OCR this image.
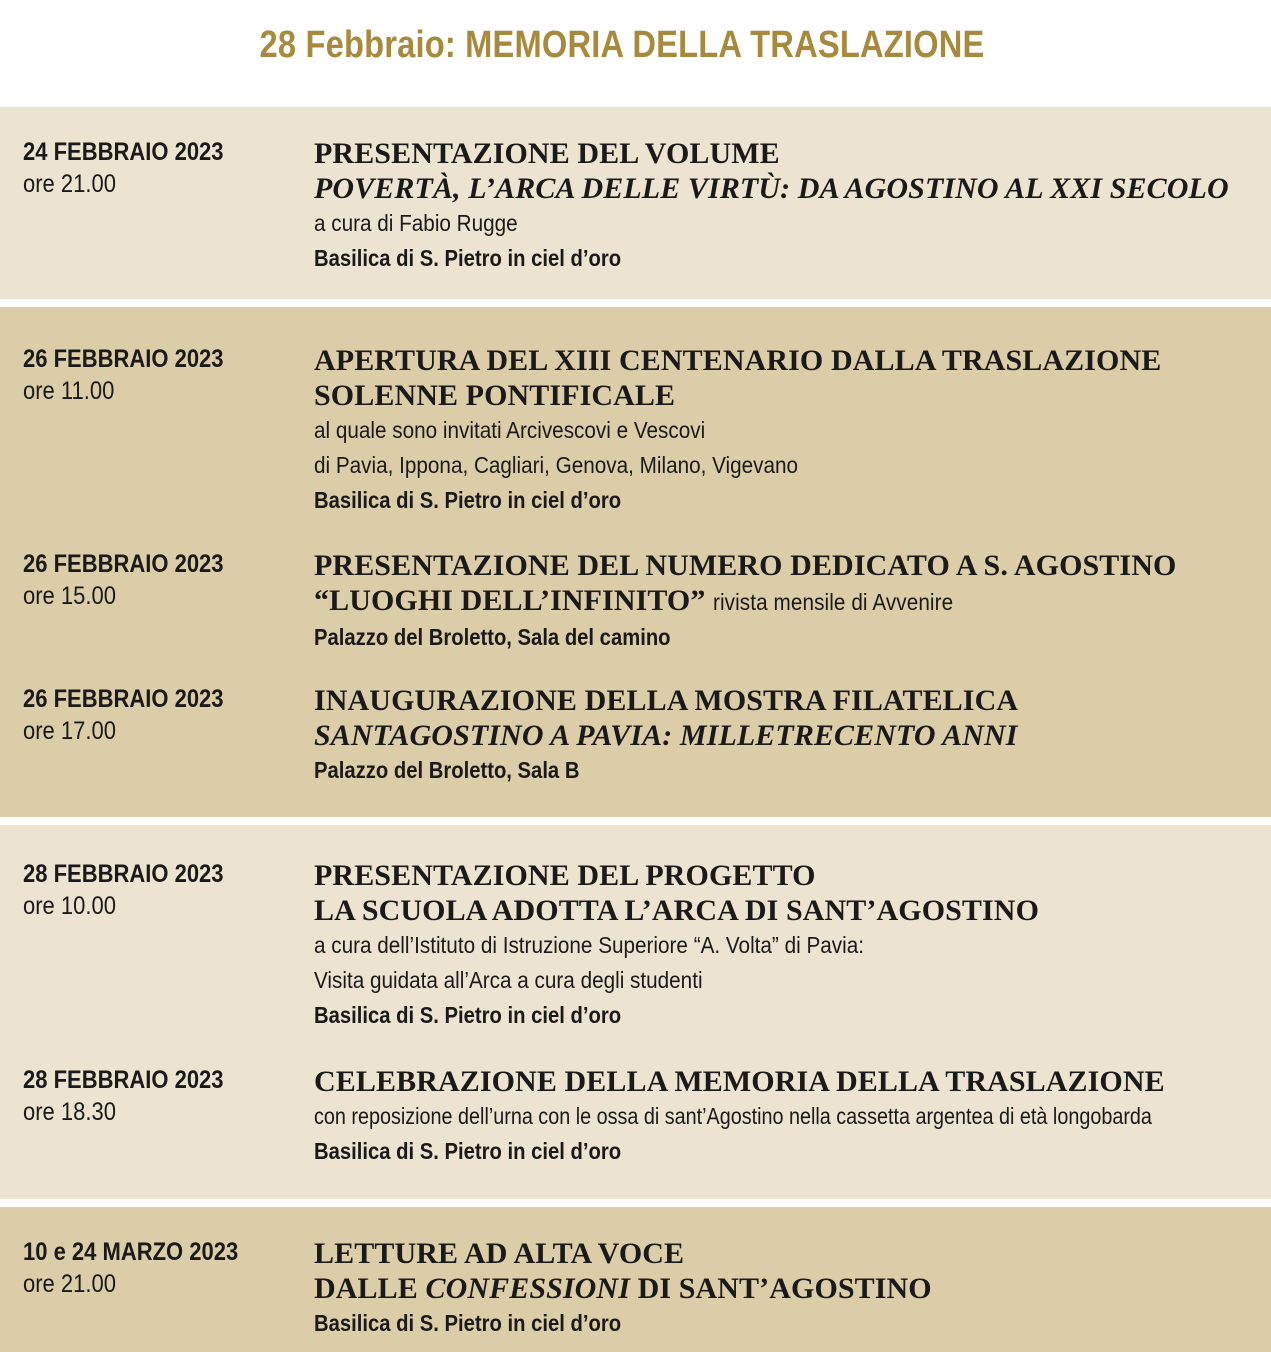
28 Febbraio: MEMORIA DELLA TRASLAZIONE
24 FEBBRAIO 2023
ore 21.00
PRESENTAZIONE DEL VOLUME
POVERTÀ, L’ARCA DELLE VIRTÙ: DA AGOSTINO AL XXI SECOLO
a cura di Fabio Rugge
Basilica di S. Pietro in ciel d’oro
26 FEBBRAIO 2023
ore 11.00
APERTURA DEL XIII CENTENARIO DALLA TRASLAZIONE
SOLENNE PONTIFICALE
al quale sono invitati Arcivescovi e Vescovi
di Pavia, Ippona, Cagliari, Genova, Milano, Vigevano
Basilica di S. Pietro in ciel d’oro
26 FEBBRAIO 2023
ore 15.00
PRESENTAZIONE DEL NUMERO DEDICATO A S. AGOSTINO
“LUOGHI DELL’INFINITO” rivista mensile di Avvenire
Palazzo del Broletto, Sala del camino
26 FEBBRAIO 2023
ore 17.00
INAUGURAZIONE DELLA MOSTRA FILATELICA
SANTAGOSTINO A PAVIA: MILLETRECENTO ANNI
Palazzo del Broletto, Sala B
28 FEBBRAIO 2023
ore 10.00
PRESENTAZIONE DEL PROGETTO
LA SCUOLA ADOTTA L’ARCA DI SANT’AGOSTINO
a cura dell’Istituto di Istruzione Superiore “A. Volta” di Pavia:
Visita guidata all’Arca a cura degli studenti
Basilica di S. Pietro in ciel d’oro
28 FEBBRAIO 2023
ore 18.30
CELEBRAZIONE DELLA MEMORIA DELLA TRASLAZIONE
con reposizione dell’urna con le ossa di sant’Agostino nella cassetta argentea di età longobarda
Basilica di S. Pietro in ciel d’oro
10 e 24 MARZO 2023
ore 21.00
LETTURE AD ALTA VOCE
DALLE CONFESSIONI DI SANT’AGOSTINO
Basilica di S. Pietro in ciel d’oro
